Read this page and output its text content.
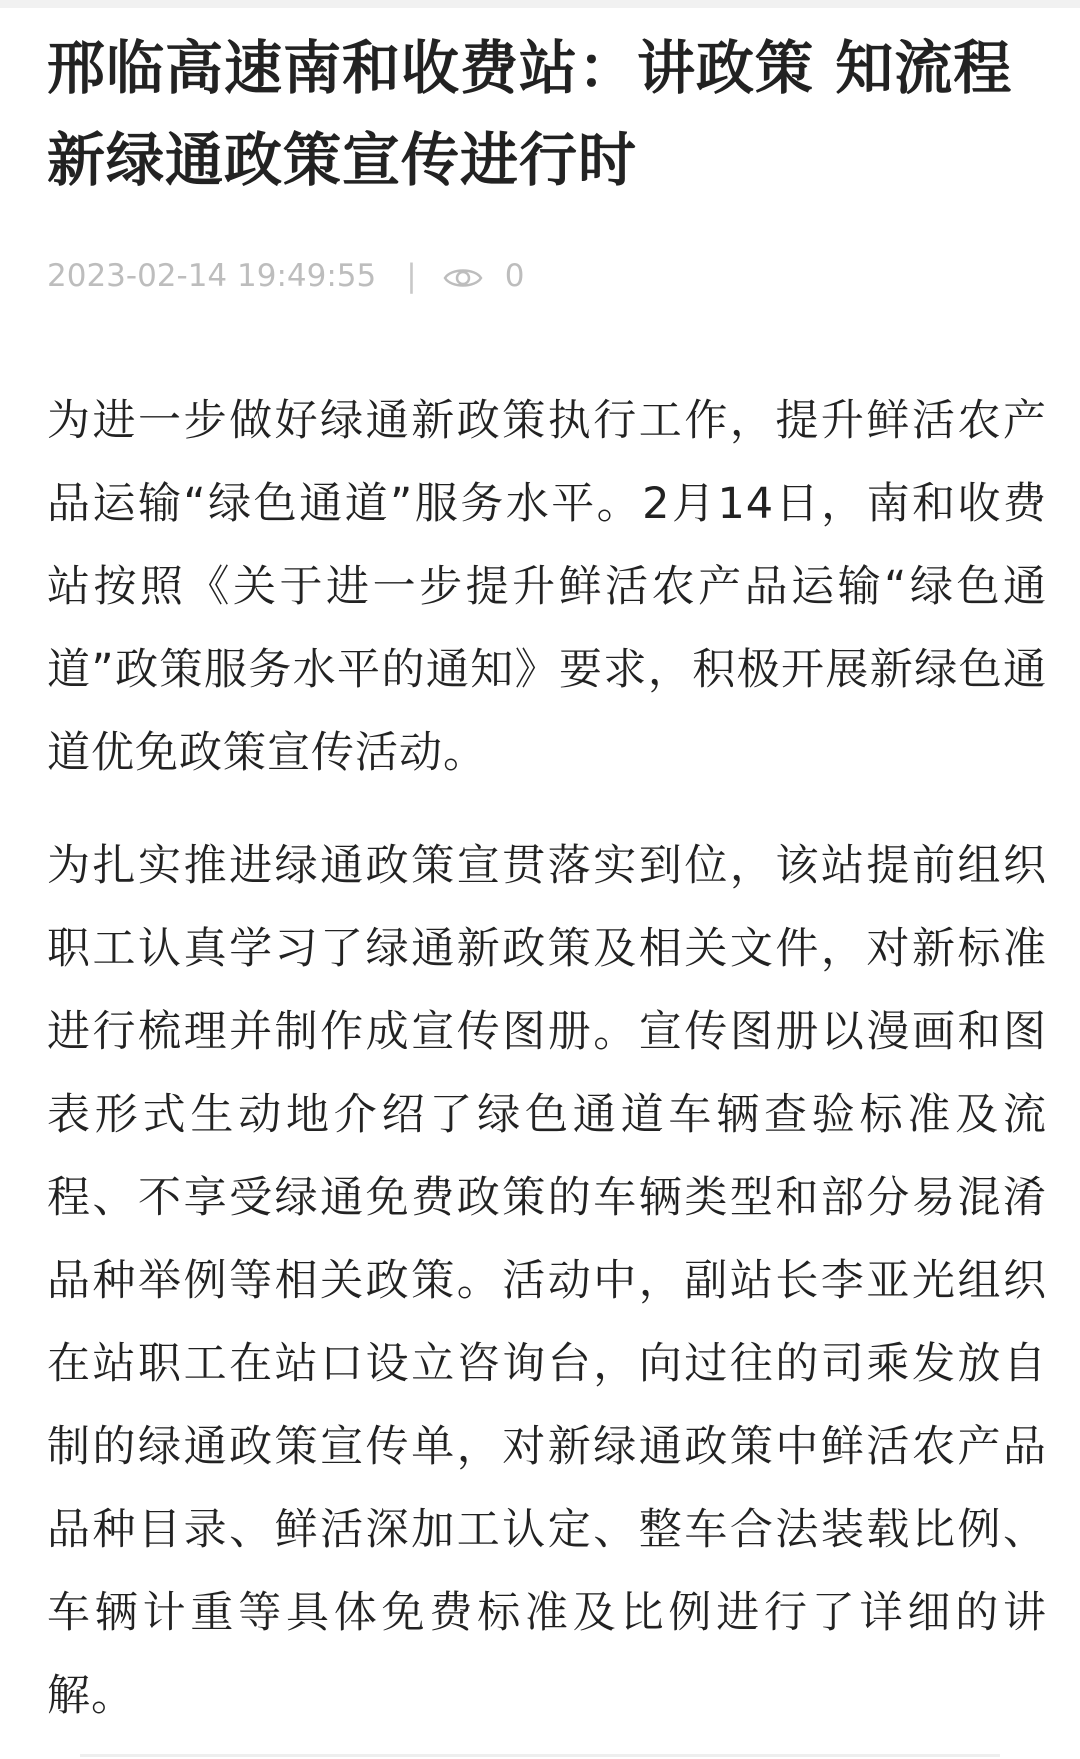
邢临高速南和收费站：讲政策 知流程 新绿通政策宣传进行时
2023-02-14 19:49:55 |	0

为进一步做好绿通新政策执行工作，提升鲜活农产品运输“绿色通道”服务水平。2月14日，南和收费站按照《关于进一步提升鲜活农产品运输“绿色通道”政策服务水平的通知》要求，积极开展新绿色通道优免政策宣传活动。

为扎实推进绿通政策宣贯落实到位，该站提前组织职工认真学习了绿通新政策及相关文件，对新标准进行梳理并制作成宣传图册。宣传图册以漫画和图表形式生动地介绍了绿色通道车辆查验标准及流程、不享受绿通免费政策的车辆类型和部分易混淆品种举例等相关政策。活动中，副站长李亚光组织在站职工在站口设立咨询台，向过往的司乘发放自制的绿通政策宣传单，对新绿通政策中鲜活农产品品种目录、鲜活深加工认定、整车合法装载比例、车辆计重等具体免费标准及比例进行了详细的讲解。
